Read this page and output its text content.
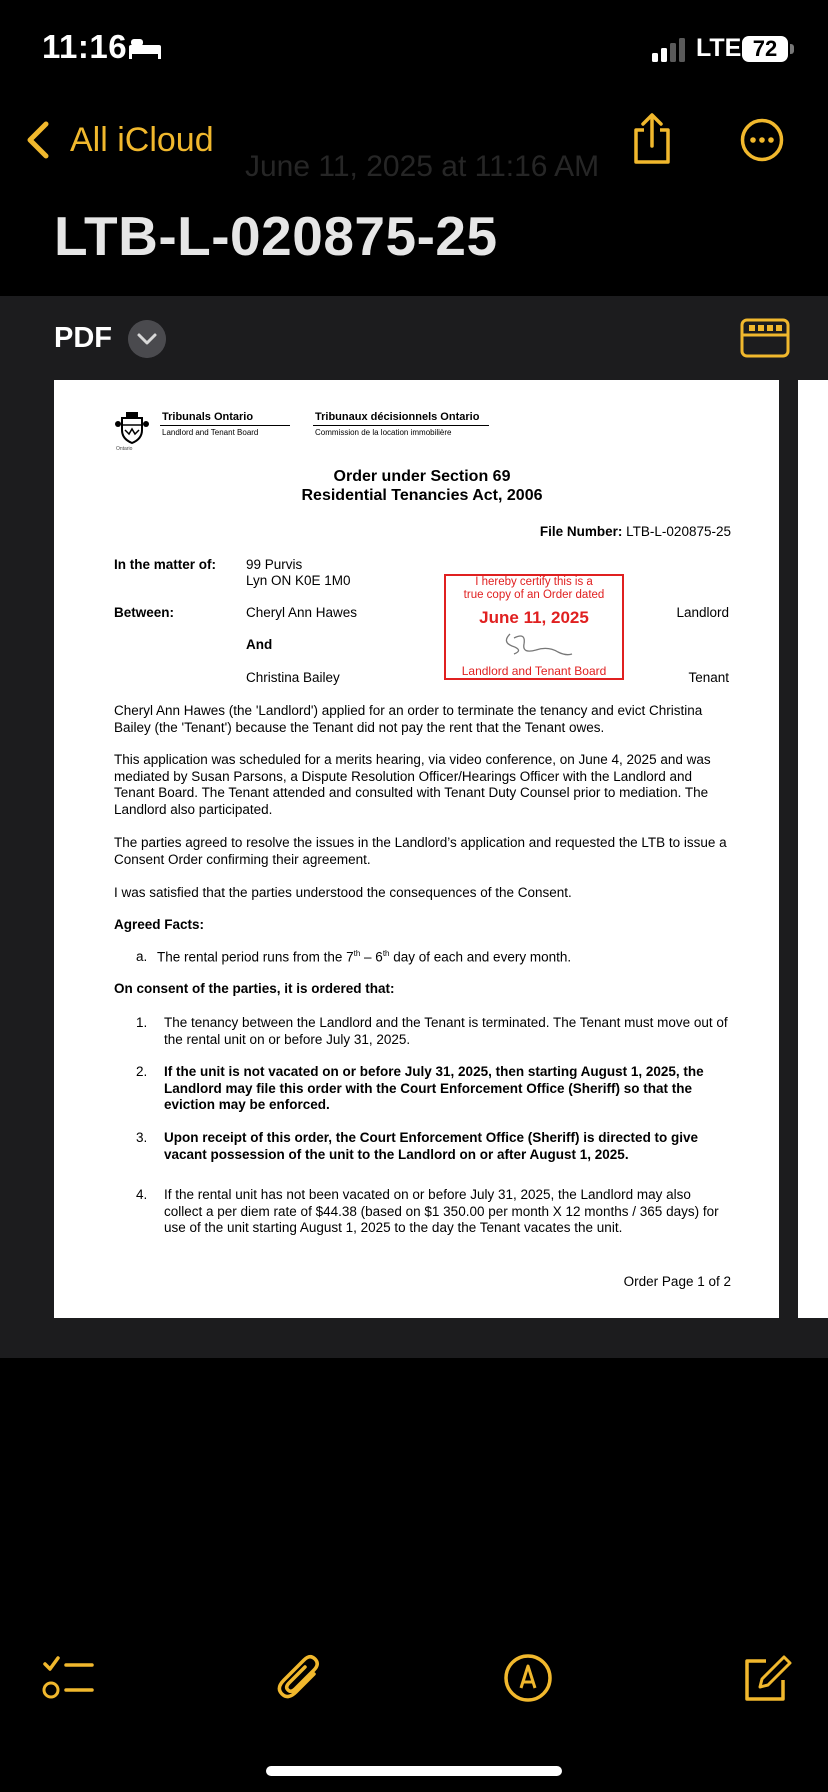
11:16	LTE 72
All iCloud
June 11, 2025 at 11:16 AM
LTB-L-020875-25
PDF
Ontario
Tribunals Ontario
Landlord and Tenant Board
Tribunaux décisionnels Ontario
Commission de la location immobilière
Order under Section 69
Residential Tenancies Act, 2006
File Number: LTB-L-020875-25
In the matter of: 99 Purvis
Lyn ON K0E 1M0
Between:	Cheryl Ann Hawes	Landlord
And
Christina Bailey	Tenant
I hereby certify this is a
true copy of an Order dated
June 11, 2025
Landlord and Tenant Board
Cheryl Ann Hawes (the 'Landlord') applied for an order to terminate the tenancy and evict Christina Bailey (the 'Tenant') because the Tenant did not pay the rent that the Tenant owes.
This application was scheduled for a merits hearing, via video conference, on June 4, 2025 and was mediated by Susan Parsons, a Dispute Resolution Officer/Hearings Officer with the Landlord and Tenant Board. The Tenant attended and consulted with Tenant Duty Counsel prior to mediation. The Landlord also participated.
The parties agreed to resolve the issues in the Landlord’s application and requested the LTB to issue a Consent Order confirming their agreement.
I was satisfied that the parties understood the consequences of the Consent.
Agreed Facts:
a. The rental period runs from the 7th – 6th day of each and every month.
On consent of the parties, it is ordered that:
1. The tenancy between the Landlord and the Tenant is terminated. The Tenant must move out of the rental unit on or before July 31, 2025.
2. If the unit is not vacated on or before July 31, 2025, then starting August 1, 2025, the Landlord may file this order with the Court Enforcement Office (Sheriff) so that the eviction may be enforced.
3. Upon receipt of this order, the Court Enforcement Office (Sheriff) is directed to give vacant possession of the unit to the Landlord on or after August 1, 2025.
4. If the rental unit has not been vacated on or before July 31, 2025, the Landlord may also collect a per diem rate of $44.38 (based on $1 350.00 per month X 12 months / 365 days) for use of the unit starting August 1, 2025 to the day the Tenant vacates the unit.
Order Page 1 of 2
